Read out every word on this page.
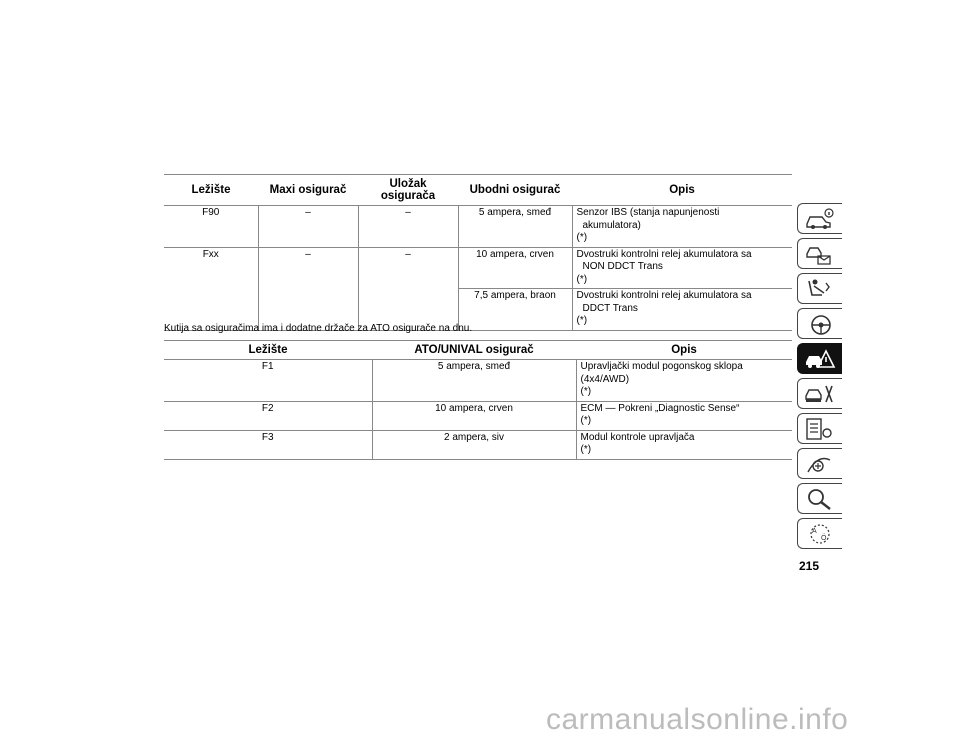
Ležište	Maxi osigurač	Uložak osigurača	Ubodni osigurač	Opis
F90	–	–	5 ampera, smeđ	Senzor IBS (stanja napunjenosti
akumulatora)
(*)

Fxx	–	–	10 ampera, crven	Dvostruki kontrolni relej akumulatora sa
NON DDCT Trans
(*)

			7,5 ampera, braon	Dvostruki kontrolni relej akumulatora sa
DDCT Trans
(*)

Kutija sa osiguračima ima i dodatne držače za ATO osigurače na dnu.

Ležište	ATO/UNIVAL osigurač	Opis
F1	5 ampera, smeđ	Upravljački modul pogonskog sklopa
(4x4/AWD)
(*)

F2	10 ampera, crven	ECM — Pokreni „Diagnostic Sense“
(*)

F3	2 ampera, siv	Modul kontrole upravljača
(*)
A
Ö
215
carmanualsonline.info
